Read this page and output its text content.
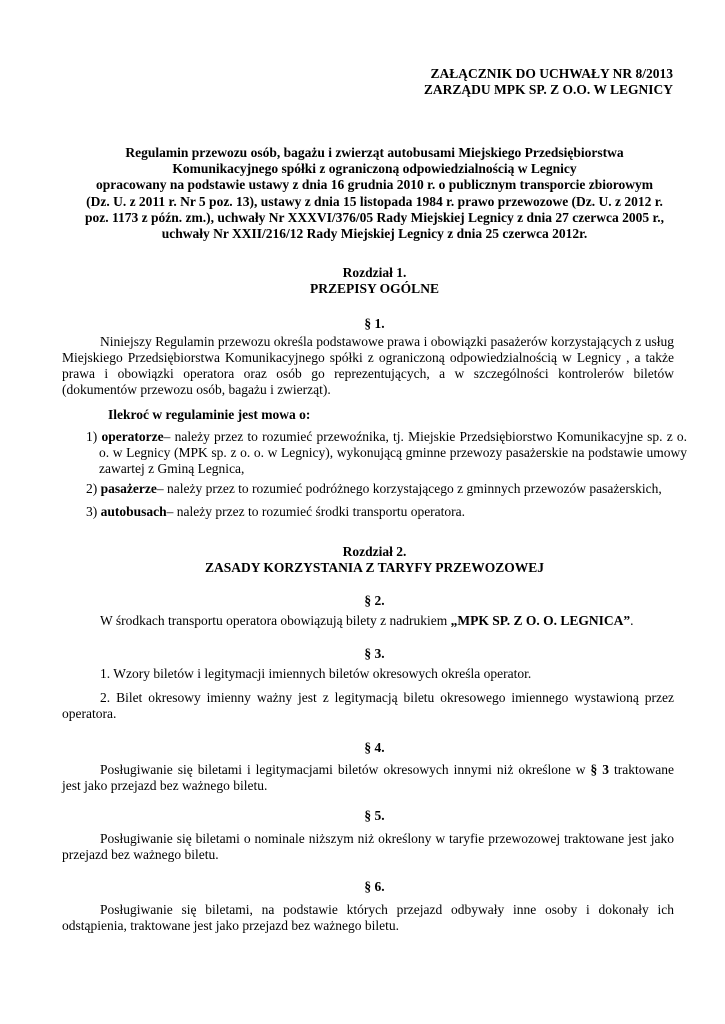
ZAŁĄCZNIK DO UCHWAŁY NR 8/2013
ZARZĄDU MPK SP. Z O.O. W LEGNICY
Regulamin przewozu osób, bagażu i zwierząt autobusami Miejskiego Przedsiębiorstwa
Komunikacyjnego spółki z ograniczoną odpowiedzialnością w Legnicy
opracowany na podstawie ustawy z dnia 16 grudnia 2010 r. o publicznym transporcie zbiorowym
(Dz. U. z 2011 r. Nr 5 poz. 13), ustawy z dnia 15 listopada 1984 r. prawo przewozowe (Dz. U. z 2012 r.
poz. 1173 z późn. zm.), uchwały Nr XXXVI/376/05 Rady Miejskiej Legnicy z dnia 27 czerwca 2005 r.,
uchwały Nr XXII/216/12 Rady Miejskiej Legnicy z dnia 25 czerwca 2012r.
Rozdział 1.
PRZEPISY OGÓLNE
§ 1.
Niniejszy Regulamin przewozu określa podstawowe prawa i obowiązki pasażerów korzystających z usług Miejskiego Przedsiębiorstwa Komunikacyjnego spółki z ograniczoną odpowiedzialnością w Legnicy , a także prawa i obowiązki operatora oraz osób go reprezentujących, a w szczególności kontrolerów biletów (dokumentów przewozu osób, bagażu i zwierząt).
Ilekroć w regulaminie jest mowa o:
1) operatorze– należy przez to rozumieć przewoźnika, tj. Miejskie Przedsiębiorstwo Komunikacyjne sp. z o. o. w Legnicy (MPK sp. z o. o. w Legnicy), wykonującą gminne przewozy pasażerskie na podstawie umowy zawartej z Gminą Legnica,
2) pasażerze– należy przez to rozumieć podróżnego korzystającego z gminnych przewozów pasażerskich,
3) autobusach– należy przez to rozumieć środki transportu operatora.
Rozdział 2.
ZASADY KORZYSTANIA Z TARYFY PRZEWOZOWEJ
§ 2.
W środkach transportu operatora obowiązują bilety z nadrukiem „MPK SP. Z O. O. LEGNICA”.
§ 3.
1. Wzory biletów i legitymacji imiennych biletów okresowych określa operator.
2. Bilet okresowy imienny ważny jest z legitymacją biletu okresowego imiennego wystawioną przez operatora.
§ 4.
Posługiwanie się biletami i legitymacjami biletów okresowych innymi niż określone w § 3 traktowane jest jako przejazd bez ważnego biletu.
§ 5.
Posługiwanie się biletami o nominale niższym niż określony w taryfie przewozowej traktowane jest jako przejazd bez ważnego biletu.
§ 6.
Posługiwanie się biletami, na podstawie których przejazd odbywały inne osoby i dokonały ich odstąpienia, traktowane jest jako przejazd bez ważnego biletu.
